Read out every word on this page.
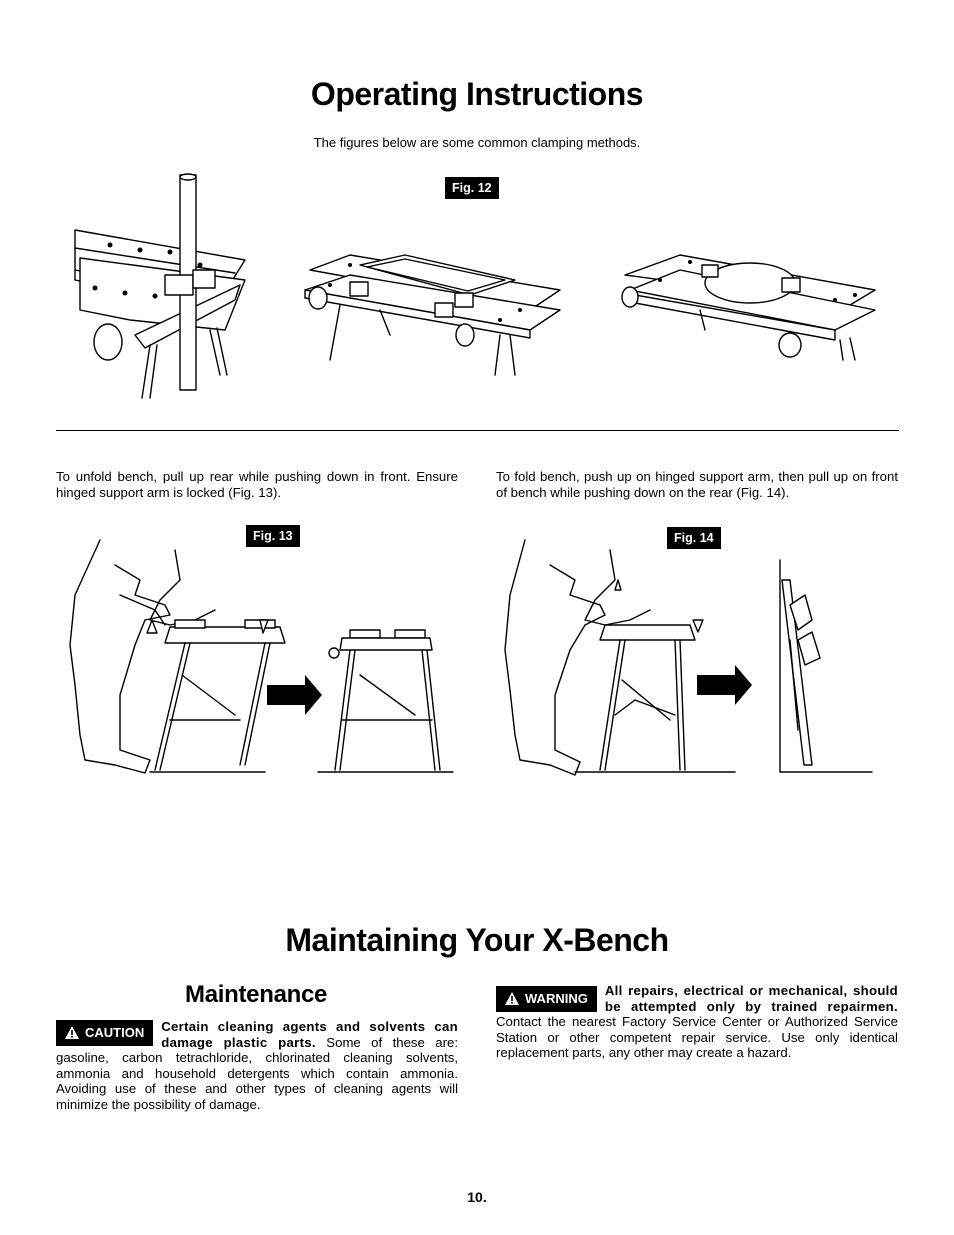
Operating Instructions
The figures below are some common clamping methods.
Fig. 12
To unfold bench, pull up rear while pushing down in front. Ensure hinged support arm is locked (Fig. 13).
To fold bench, push up on hinged support arm, then pull up on front of bench while pushing down on the rear (Fig. 14).
Fig. 13	Fig. 14
Maintaining Your X-Bench
Maintenance
CAUTION Certain cleaning agents and solvents can damage plastic parts. Some of these are: gasoline, carbon tetrachloride, chlorinated cleaning solvents, ammonia and household detergents which contain ammonia. Avoiding use of these and other types of cleaning agents will minimize the possibility of damage.
WARNING
All repairs, electrical or mechanical, should be attempted only by trained repairmen. Contact the nearest Factory Service Center or Authorized Service Station or other competent repair service. Use only identical replacement parts, any other may create a hazard.
10.
